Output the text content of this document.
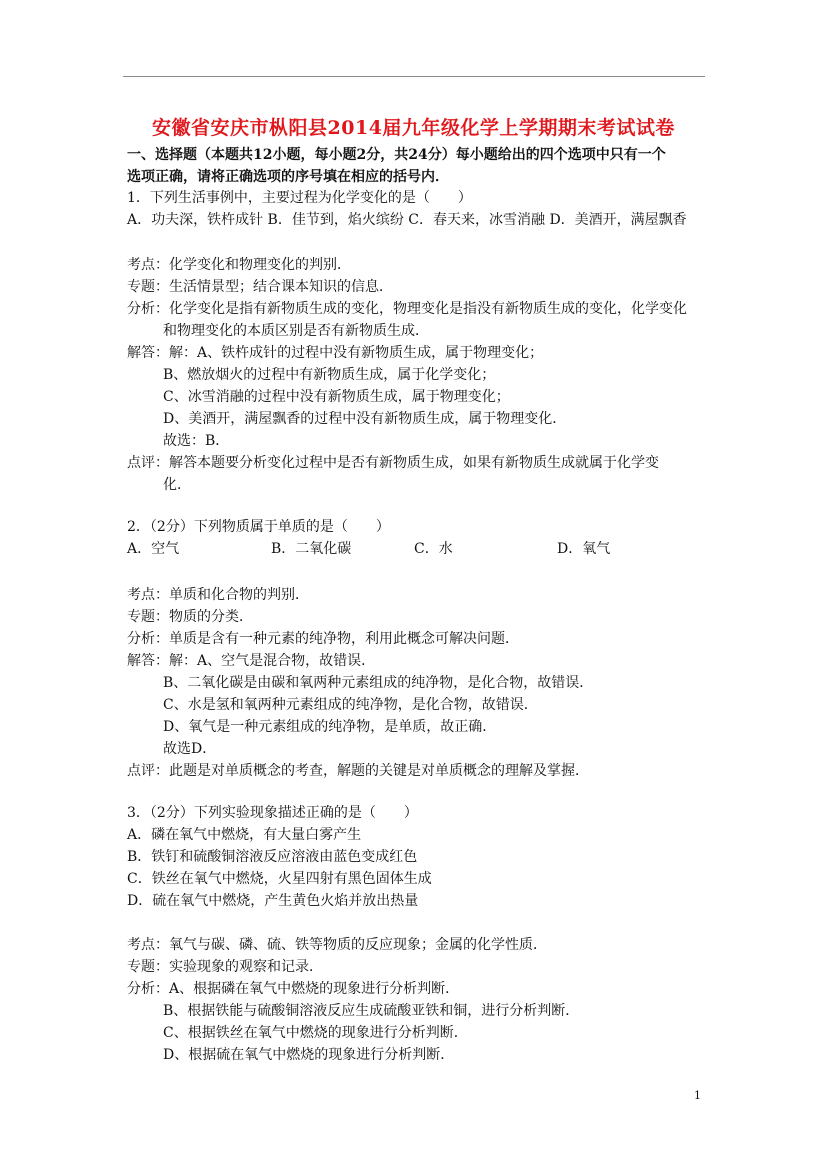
安徽省安庆市枞阳县2014届九年级化学上学期期末考试试卷
一、选择题（本题共12小题，每小题2分，共24分）每小题给出的四个选项中只有一个
选项正确，请将正确选项的序号填在相应的括号内．
1．下列生活事例中，主要过程为化学变化的是（　　）
A．功夫深，铁杵成针 B．佳节到，焰火缤纷 C．春天来，冰雪消融 D．美酒开，满屋飘香
考点：化学变化和物理变化的判别．
专题：生活情景型；结合课本知识的信息．
分析：化学变化是指有新物质生成的变化，物理变化是指没有新物质生成的变化，化学变化
和物理变化的本质区别是否有新物质生成．
解答：解：A、铁杵成针的过程中没有新物质生成，属于物理变化；
B、燃放烟火的过程中有新物质生成，属于化学变化；
C、冰雪消融的过程中没有新物质生成，属于物理变化；
D、美酒开，满屋飘香的过程中没有新物质生成，属于物理变化．
故选：B．
点评：解答本题要分析变化过程中是否有新物质生成，如果有新物质生成就属于化学变
化．
2．（2分）下列物质属于单质的是（　　）
A．空气	B．二氧化碳	C．水	D．氧气
考点：单质和化合物的判别．
专题：物质的分类．
分析：单质是含有一种元素的纯净物，利用此概念可解决问题．
解答：解：A、空气是混合物，故错误．
B、二氧化碳是由碳和氧两种元素组成的纯净物，是化合物，故错误．
C、水是氢和氧两种元素组成的纯净物，是化合物，故错误．
D、氧气是一种元素组成的纯净物，是单质，故正确．
故选D．
点评：此题是对单质概念的考查，解题的关键是对单质概念的理解及掌握．
3．（2分）下列实验现象描述正确的是（　　）
A．磷在氧气中燃烧，有大量白雾产生
B．铁钉和硫酸铜溶液反应溶液由蓝色变成红色
C．铁丝在氧气中燃烧，火星四射有黑色固体生成
D．硫在氧气中燃烧，产生黄色火焰并放出热量
考点：氧气与碳、磷、硫、铁等物质的反应现象；金属的化学性质．
专题：实验现象的观察和记录．
分析：A、根据磷在氧气中燃烧的现象进行分析判断．
B、根据铁能与硫酸铜溶液反应生成硫酸亚铁和铜，进行分析判断．
C、根据铁丝在氧气中燃烧的现象进行分析判断．
D、根据硫在氧气中燃烧的现象进行分析判断．
1
